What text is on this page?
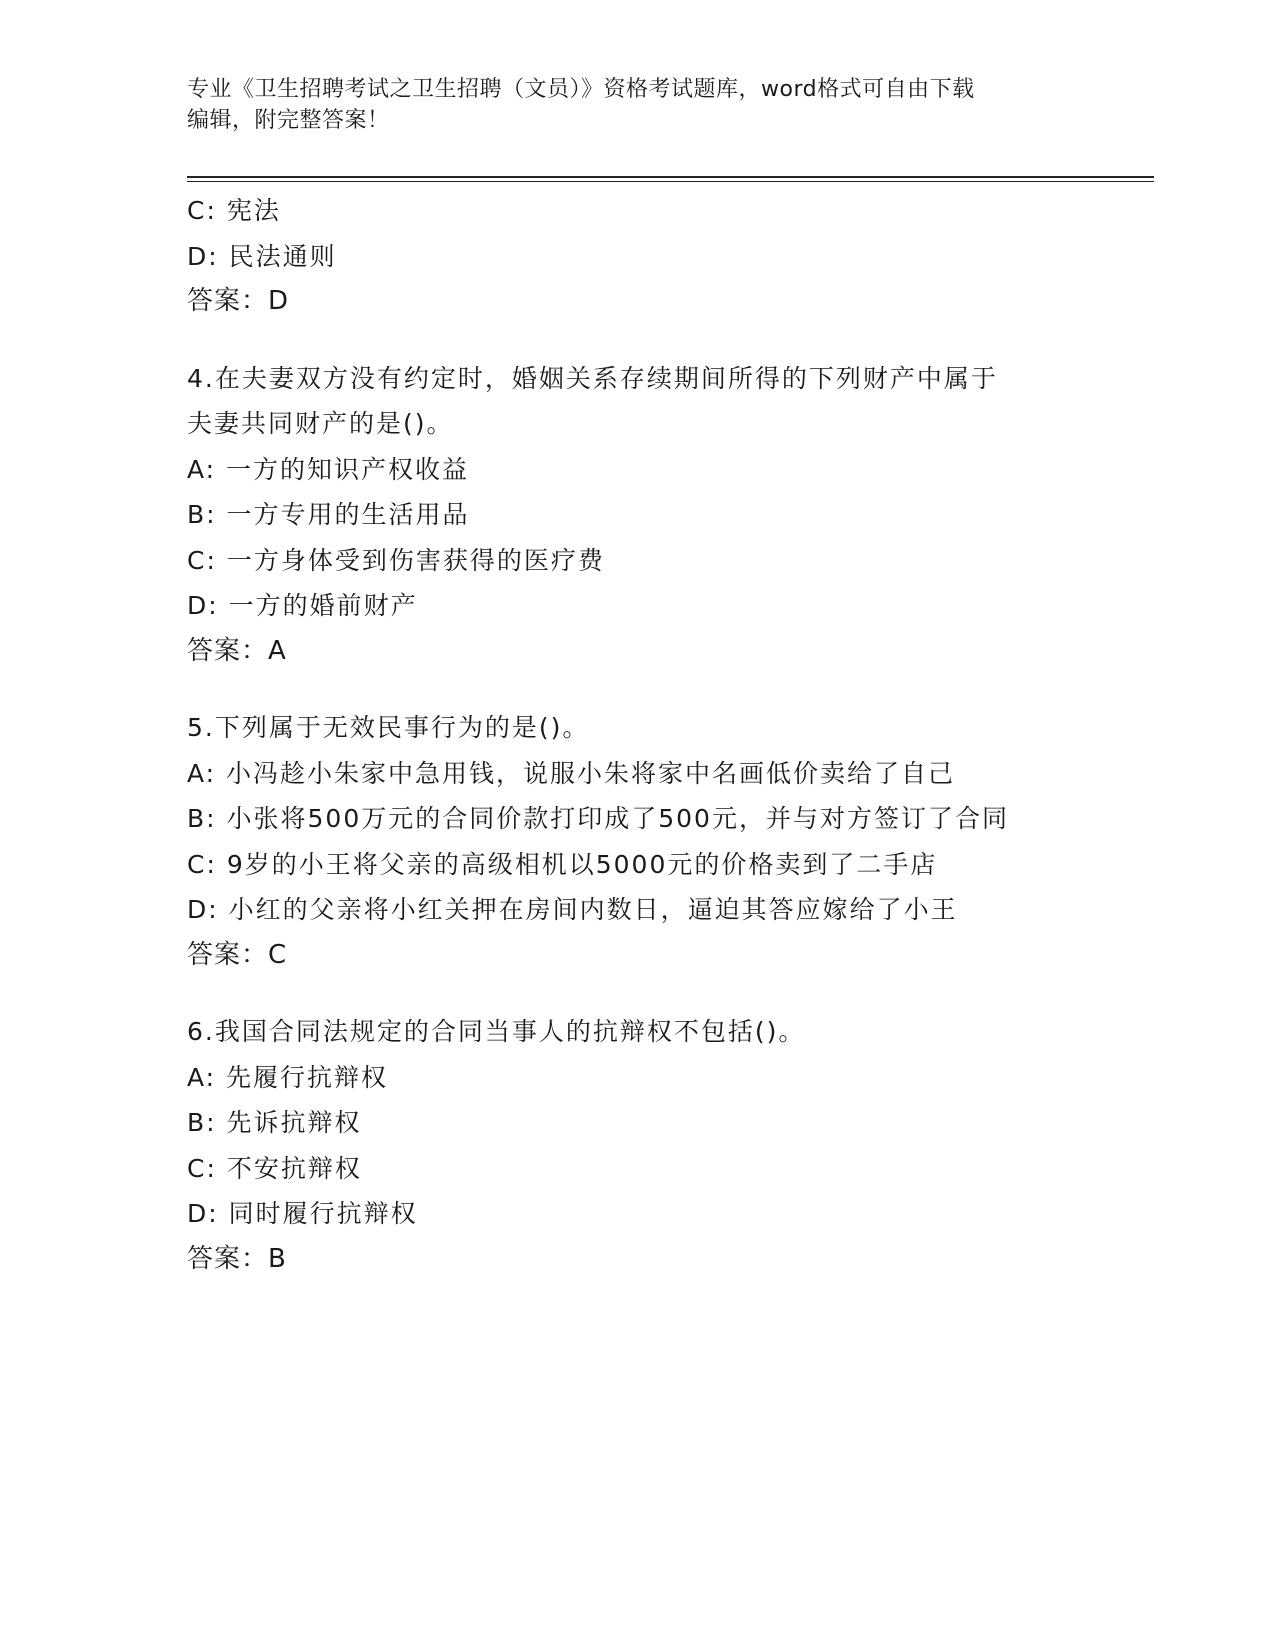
专业《卫生招聘考试之卫生招聘（文员）》资格考试题库，word格式可自由下载
编辑，附完整答案！
C: 宪法
D: 民法通则
答案：D
4.在夫妻双方没有约定时，婚姻关系存续期间所得的下列财产中属于
夫妻共同财产的是()。
A: 一方的知识产权收益
B: 一方专用的生活用品
C: 一方身体受到伤害获得的医疗费
D: 一方的婚前财产
答案：A
5.下列属于无效民事行为的是()。
A: 小冯趁小朱家中急用钱，说服小朱将家中名画低价卖给了自己
B: 小张将500万元的合同价款打印成了500元，并与对方签订了合同
C: 9岁的小王将父亲的高级相机以5000元的价格卖到了二手店
D: 小红的父亲将小红关押在房间内数日，逼迫其答应嫁给了小王
答案：C
6.我国合同法规定的合同当事人的抗辩权不包括()。
A: 先履行抗辩权
B: 先诉抗辩权
C: 不安抗辩权
D: 同时履行抗辩权
答案：B
